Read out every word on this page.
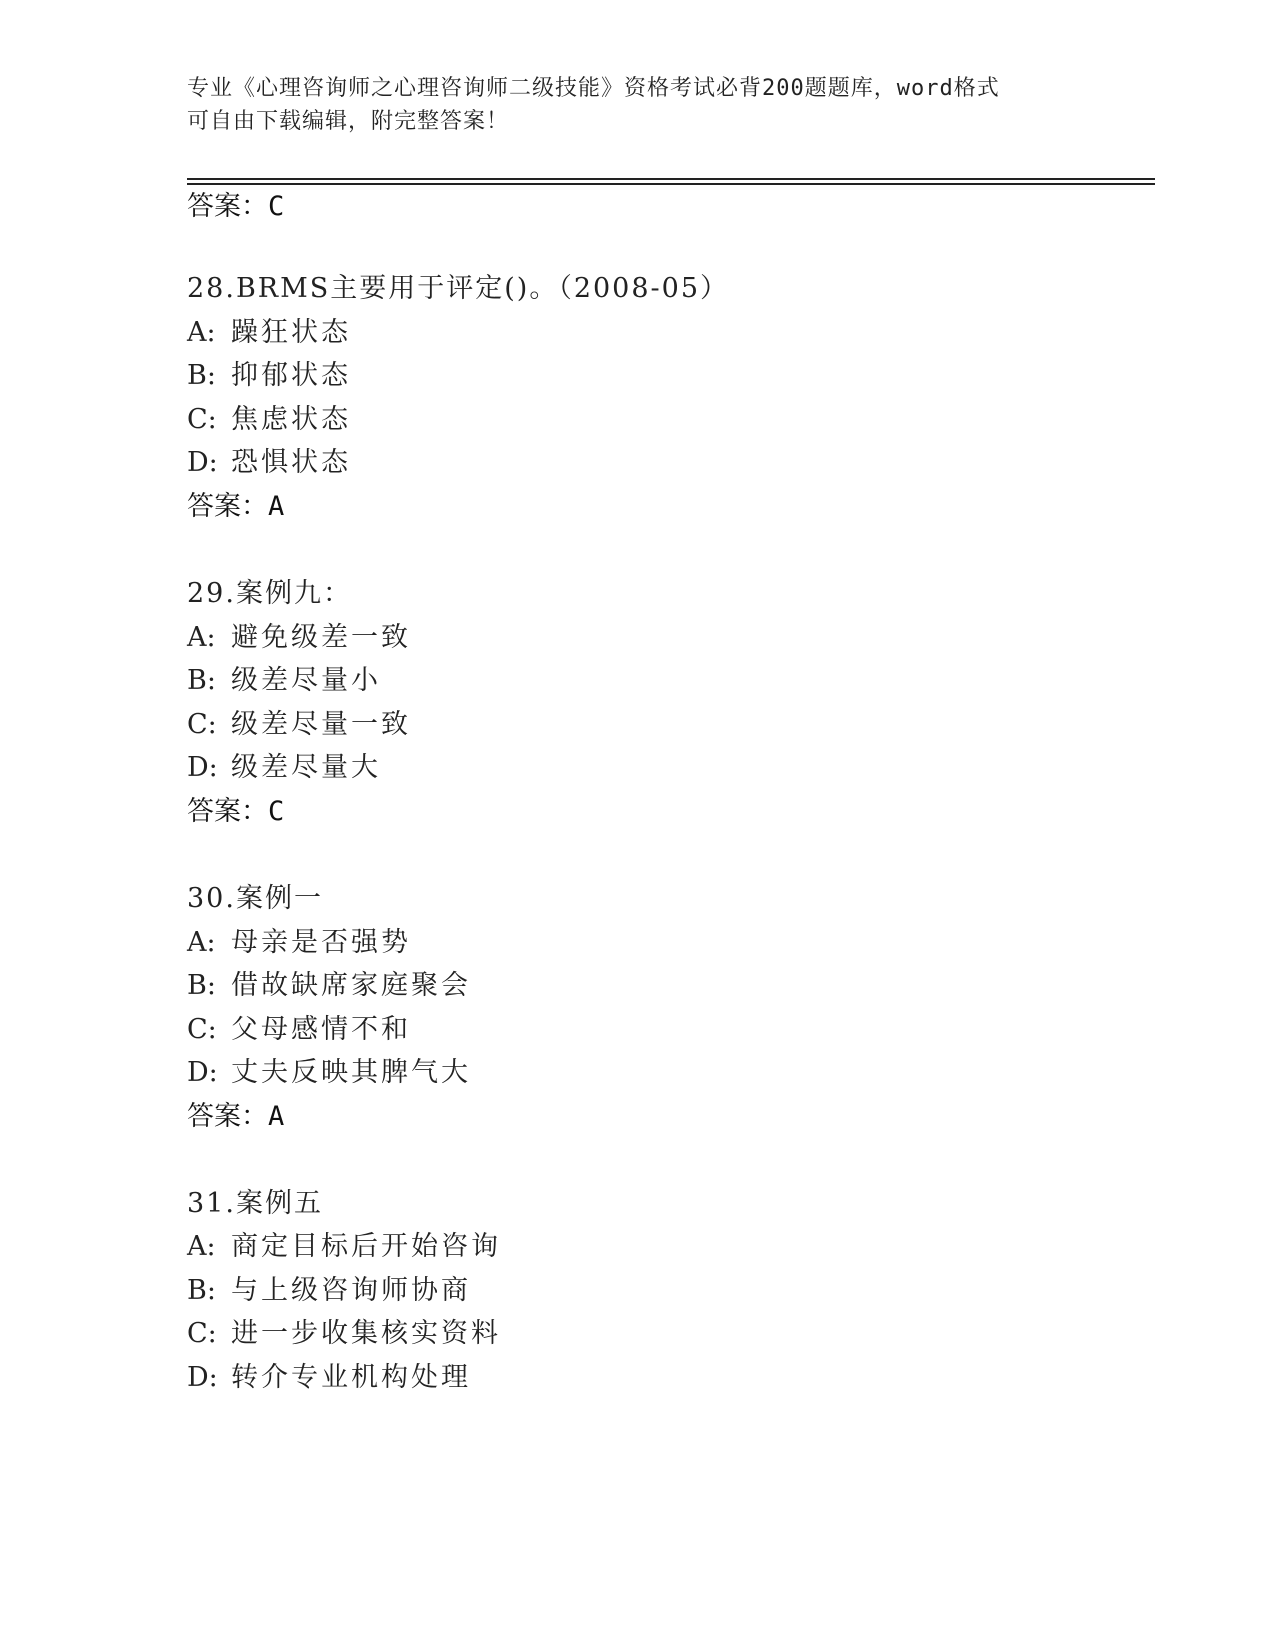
专业《心理咨询师之心理咨询师二级技能》资格考试必背200题题库，word格式
可自由下载编辑，附完整答案！
答案：C
28.BRMS主要用于评定()。（2008-05）
A: 躁狂状态
B: 抑郁状态
C: 焦虑状态
D: 恐惧状态
答案：A
29.案例九：
A: 避免级差一致
B: 级差尽量小
C: 级差尽量一致
D: 级差尽量大
答案：C
30.案例一
A: 母亲是否强势
B: 借故缺席家庭聚会
C: 父母感情不和
D: 丈夫反映其脾气大
答案：A
31.案例五
A: 商定目标后开始咨询
B: 与上级咨询师协商
C: 进一步收集核实资料
D: 转介专业机构处理
